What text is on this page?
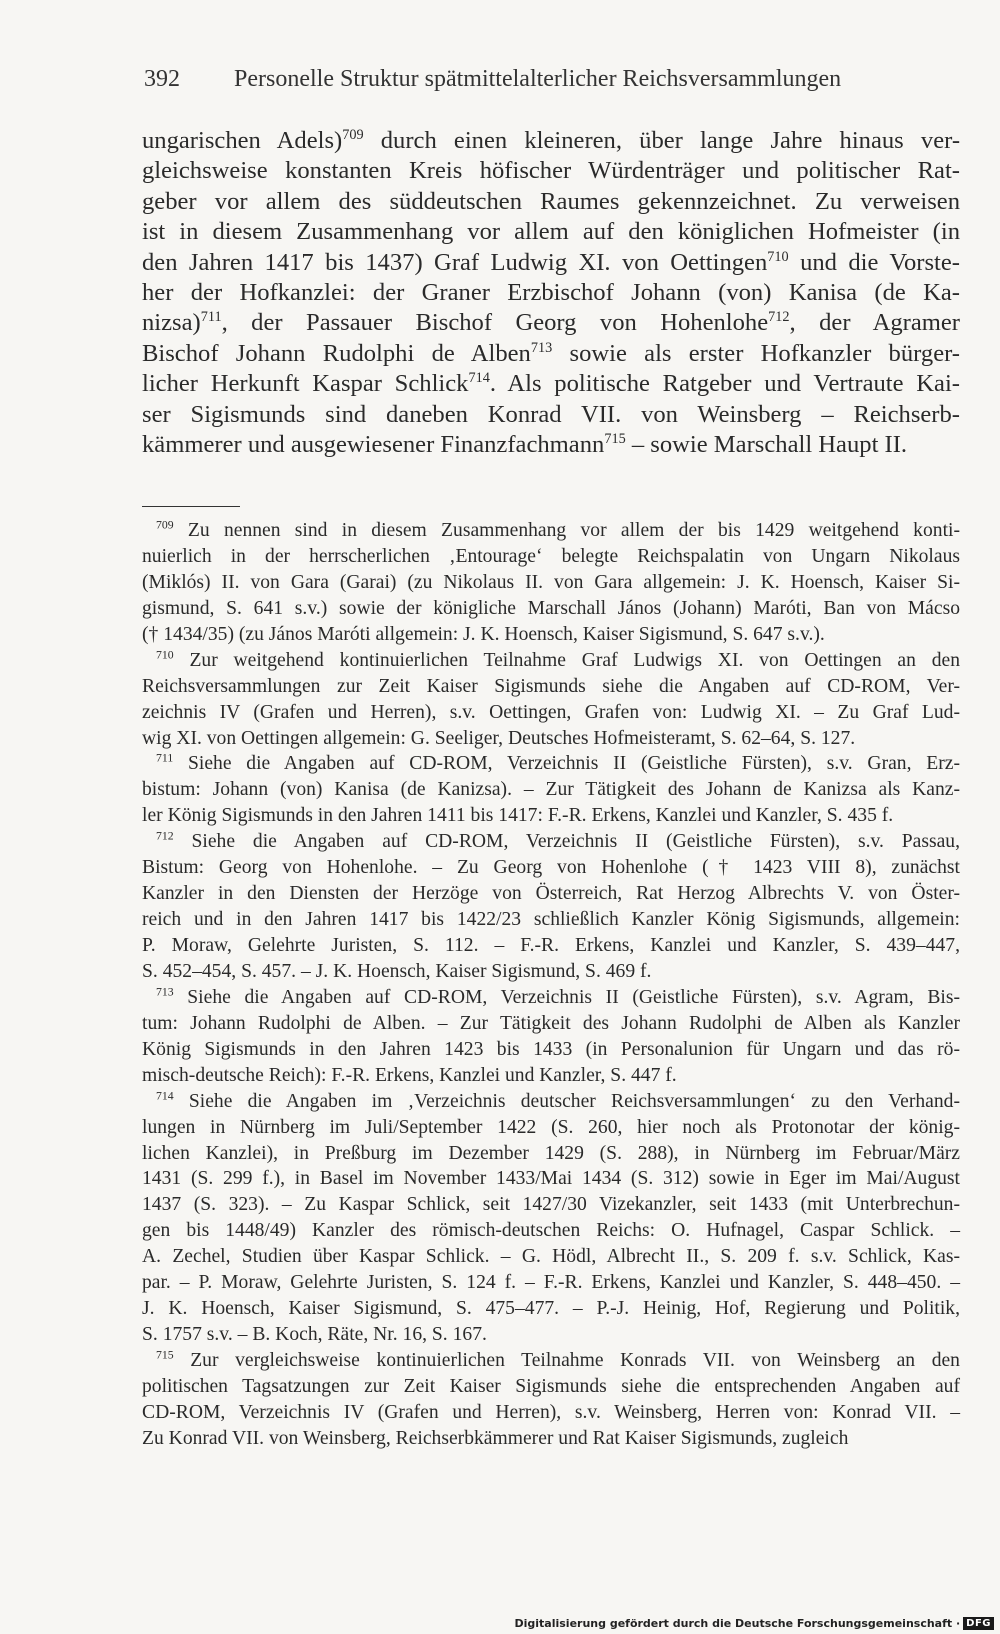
392 Personelle Struktur spätmittelalterlicher Reichsversammlungen
ungarischen Adels)$^{709}$ durch einen kleineren, über lange Jahre hinaus ver-
gleichsweise konstanten Kreis höfischer Würdenträger und politischer Rat-
geber vor allem des süddeutschen Raumes gekennzeichnet. Zu verweisen
ist in diesem Zusammenhang vor allem auf den königlichen Hofmeister (in
den Jahren 1417 bis 1437) Graf Ludwig XI. von Oettingen$^{710}$ und die Vorste-
her der Hofkanzlei: der Graner Erzbischof Johann (von) Kanisa (de Ka-
nizsa)$^{711}$, der Passauer Bischof Georg von Hohenlohe$^{712}$, der Agramer
Bischof Johann Rudolphi de Alben$^{713}$ sowie als erster Hofkanzler bürger-
licher Herkunft Kaspar Schlick$^{714}$. Als politische Ratgeber und Vertraute Kai-
ser Sigismunds sind daneben Konrad VII. von Weinsberg – Reichserb-
kämmerer und ausgewiesener Finanzfachmann$^{715}$ – sowie Marschall Haupt II.
$^{709}$ Zu nennen sind in diesem Zusammenhang vor allem der bis 1429 weitgehend konti-
nuierlich in der herrscherlichen ‚Entourage‘ belegte Reichspalatin von Ungarn Nikolaus
(Miklós) II. von Gara (Garai) (zu Nikolaus II. von Gara allgemein: J. K. Hoensch, Kaiser Si-
gismund, S. 641 s.v.) sowie der königliche Marschall János (Johann) Maróti, Ban von Mácso
(† 1434/35) (zu János Maróti allgemein: J. K. Hoensch, Kaiser Sigismund, S. 647 s.v.).
$^{710}$ Zur weitgehend kontinuierlichen Teilnahme Graf Ludwigs XI. von Oettingen an den
Reichsversammlungen zur Zeit Kaiser Sigismunds siehe die Angaben auf CD-ROM, Ver-
zeichnis IV (Grafen und Herren), s.v. Oettingen, Grafen von: Ludwig XI. – Zu Graf Lud-
wig XI. von Oettingen allgemein: G. Seeliger, Deutsches Hofmeisteramt, S. 62–64, S. 127.
$^{711}$ Siehe die Angaben auf CD-ROM, Verzeichnis II (Geistliche Fürsten), s.v. Gran, Erz-
bistum: Johann (von) Kanisa (de Kanizsa). – Zur Tätigkeit des Johann de Kanizsa als Kanz-
ler König Sigismunds in den Jahren 1411 bis 1417: F.-R. Erkens, Kanzlei und Kanzler, S. 435 f.
$^{712}$ Siehe die Angaben auf CD-ROM, Verzeichnis II (Geistliche Fürsten), s.v. Passau,
Bistum: Georg von Hohenlohe. – Zu Georg von Hohenlohe († 1423 VIII 8), zunächst
Kanzler in den Diensten der Herzöge von Österreich, Rat Herzog Albrechts V. von Öster-
reich und in den Jahren 1417 bis 1422/23 schließlich Kanzler König Sigismunds, allgemein:
P. Moraw, Gelehrte Juristen, S. 112. – F.-R. Erkens, Kanzlei und Kanzler, S. 439–447,
S. 452–454, S. 457. – J. K. Hoensch, Kaiser Sigismund, S. 469 f.
$^{713}$ Siehe die Angaben auf CD-ROM, Verzeichnis II (Geistliche Fürsten), s.v. Agram, Bis-
tum: Johann Rudolphi de Alben. – Zur Tätigkeit des Johann Rudolphi de Alben als Kanzler
König Sigismunds in den Jahren 1423 bis 1433 (in Personalunion für Ungarn und das rö-
misch-deutsche Reich): F.-R. Erkens, Kanzlei und Kanzler, S. 447 f.
$^{714}$ Siehe die Angaben im ‚Verzeichnis deutscher Reichsversammlungen‘ zu den Verhand-
lungen in Nürnberg im Juli/September 1422 (S. 260, hier noch als Protonotar der könig-
lichen Kanzlei), in Preßburg im Dezember 1429 (S. 288), in Nürnberg im Februar/März
1431 (S. 299 f.), in Basel im November 1433/Mai 1434 (S. 312) sowie in Eger im Mai/August
1437 (S. 323). – Zu Kaspar Schlick, seit 1427/30 Vizekanzler, seit 1433 (mit Unterbrechun-
gen bis 1448/49) Kanzler des römisch-deutschen Reichs: O. Hufnagel, Caspar Schlick. –
A. Zechel, Studien über Kaspar Schlick. – G. Hödl, Albrecht II., S. 209 f. s.v. Schlick, Kas-
par. – P. Moraw, Gelehrte Juristen, S. 124 f. – F.-R. Erkens, Kanzlei und Kanzler, S. 448–450. –
J. K. Hoensch, Kaiser Sigismund, S. 475–477. – P.-J. Heinig, Hof, Regierung und Politik,
S. 1757 s.v. – B. Koch, Räte, Nr. 16, S. 167.
$^{715}$ Zur vergleichsweise kontinuierlichen Teilnahme Konrads VII. von Weinsberg an den
politischen Tagsatzungen zur Zeit Kaiser Sigismunds siehe die entsprechenden Angaben auf
CD-ROM, Verzeichnis IV (Grafen und Herren), s.v. Weinsberg, Herren von: Konrad VII. –
Zu Konrad VII. von Weinsberg, Reichserbkämmerer und Rat Kaiser Sigismunds, zugleich
Digitalisierung gefördert durch die Deutsche Forschungsgemeinschaft · DFG
